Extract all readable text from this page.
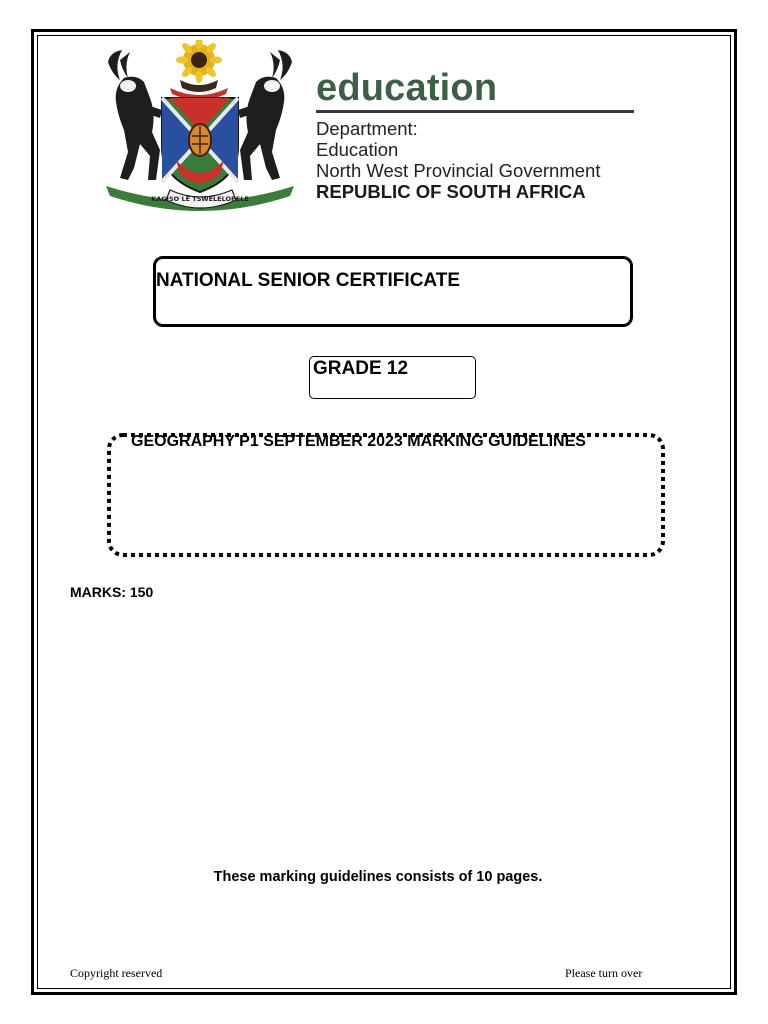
KAGISO LE TSWELELOPELE
education
Department:
Education
North West Provincial Government
REPUBLIC OF SOUTH AFRICA
NATIONAL SENIOR CERTIFICATE
GRADE 12
GEOGRAPHY P1 SEPTEMBER 2023 MARKING GUIDELINES
MARKS: 150
These marking guidelines consists of 10 pages.
Copyright reserved	Please turn over
